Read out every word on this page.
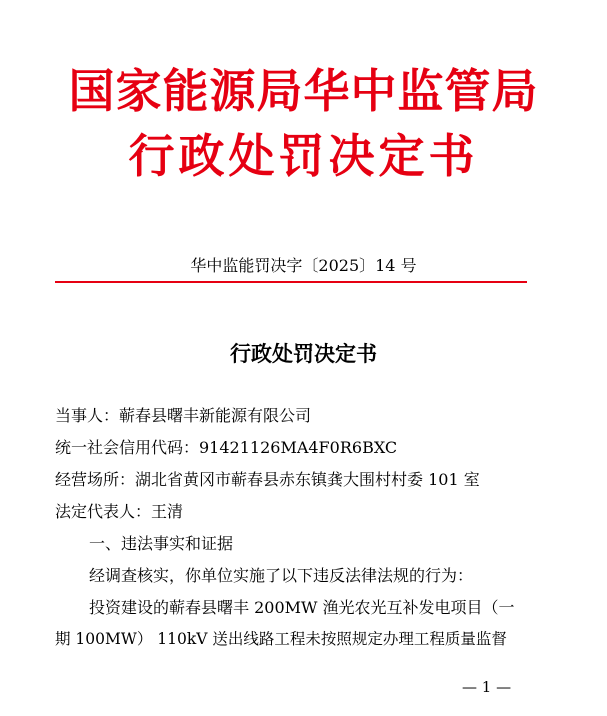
国家能源局华中监管局
行政处罚决定书
华中监能罚决字〔2025〕14 号
行政处罚决定书
当事人：蕲春县曙丰新能源有限公司
统一社会信用代码：91421126MA4F0R6BXC
经营场所：湖北省黄冈市蕲春县赤东镇龚大围村村委 101 室
法定代表人：王清
一、违法事实和证据
经调查核实，你单位实施了以下违反法律法规的行为：
投资建设的蕲春县曙丰 200MW 渔光农光互补发电项目（一
期 100MW） 110kV 送出线路工程未按照规定办理工程质量监督
— 1 —
